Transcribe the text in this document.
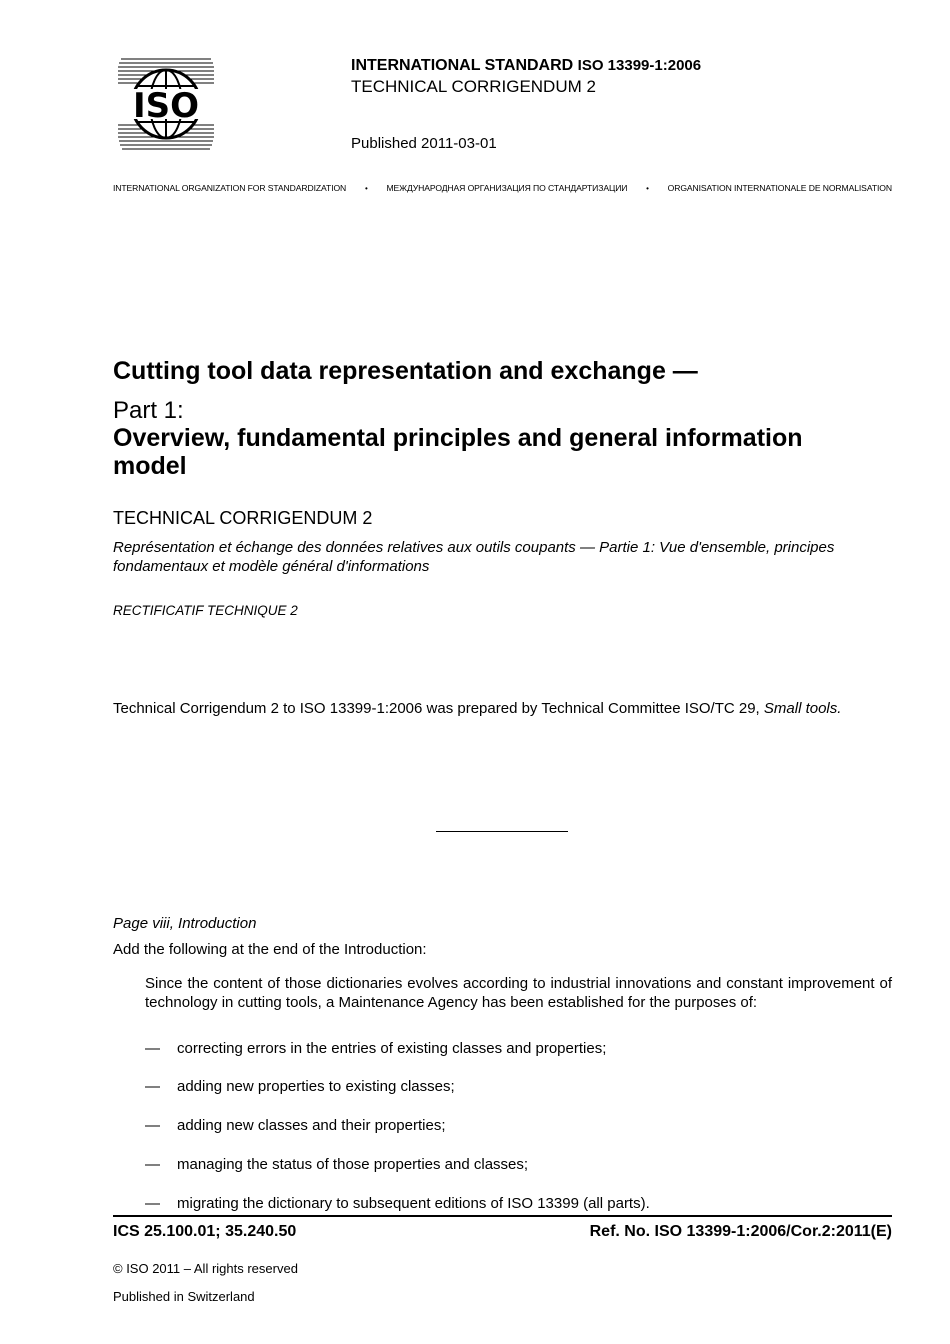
ISO
INTERNATIONAL STANDARD ISO 13399-1:2006
TECHNICAL CORRIGENDUM 2
Published 2011-03-01
INTERNATIONAL ORGANIZATION FOR STANDARDIZATION • МЕЖДУНАРОДНАЯ ОРГАНИЗАЦИЯ ПО СТАНДАРТИЗАЦИИ • ORGANISATION INTERNATIONALE DE NORMALISATION
Cutting tool data representation and exchange —
Part 1:
Overview, fundamental principles and general information model
TECHNICAL CORRIGENDUM 2
Représentation et échange des données relatives aux outils coupants — Partie 1: Vue d'ensemble, principes fondamentaux et modèle général d'informations
RECTIFICATIF TECHNIQUE 2
Technical Corrigendum 2 to ISO 13399-1:2006 was prepared by Technical Committee ISO/TC 29, Small tools.
Page viii, Introduction
Add the following at the end of the Introduction:
Since the content of those dictionaries evolves according to industrial innovations and constant improvement of technology in cutting tools, a Maintenance Agency has been established for the purposes of:
— correcting errors in the entries of existing classes and properties;
— adding new properties to existing classes;
— adding new classes and their properties;
— managing the status of those properties and classes;
— migrating the dictionary to subsequent editions of ISO 13399 (all parts).
ICS 25.100.01; 35.240.50	Ref. No. ISO 13399-1:2006/Cor.2:2011(E)
© ISO 2011 – All rights reserved
Published in Switzerland
